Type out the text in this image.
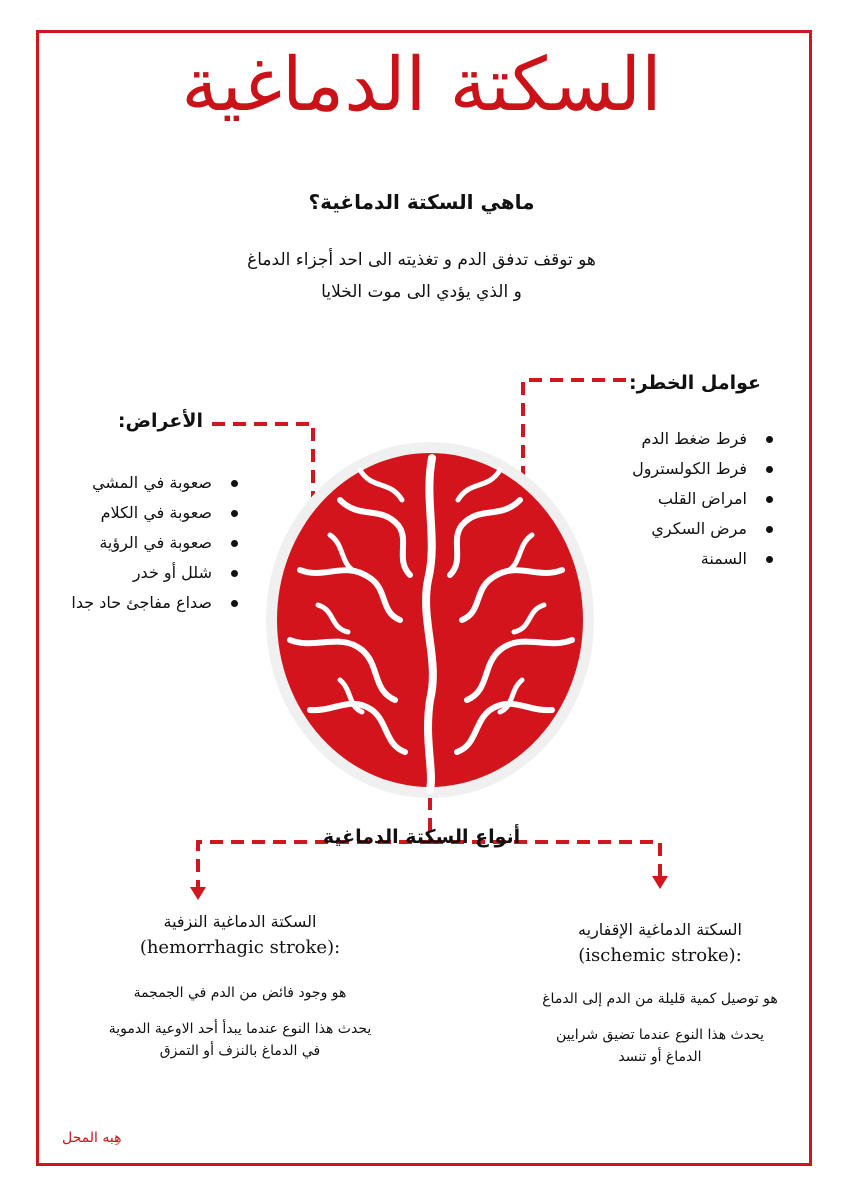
السكتة الدماغية
ماهي السكتة الدماغية؟
هو توقف تدفق الدم و تغذيته الى احد أجزاء الدماغ
و الذي يؤدي الى موت الخلايا
عوامل الخطر:
فرط ضغط الدم
فرط الكولسترول
امراض القلب
مرض السكري
السمنة
الأعراض:
صعوبة في المشي
صعوبة في الكلام
صعوبة في الرؤية
شلل أو خدر
صداع مفاجئ حاد جدا
أنواع السكتة الدماغية
السكتة الدماغية الإقفاريه
(ischemic stroke):
هو توصيل كمية قليلة من الدم إلى الدماغ
يحدث هذا النوع عندما تضيق شرايين
الدماغ أو تنسد
السكتة الدماغية النزفية
(hemorrhagic stroke):
هو وجود فائض من الدم في الجمجمة
يحدث هذا النوع عندما يبدأ أحد الاوعية الدموية
في الدماغ بالنزف أو التمزق
هِبه المحل
